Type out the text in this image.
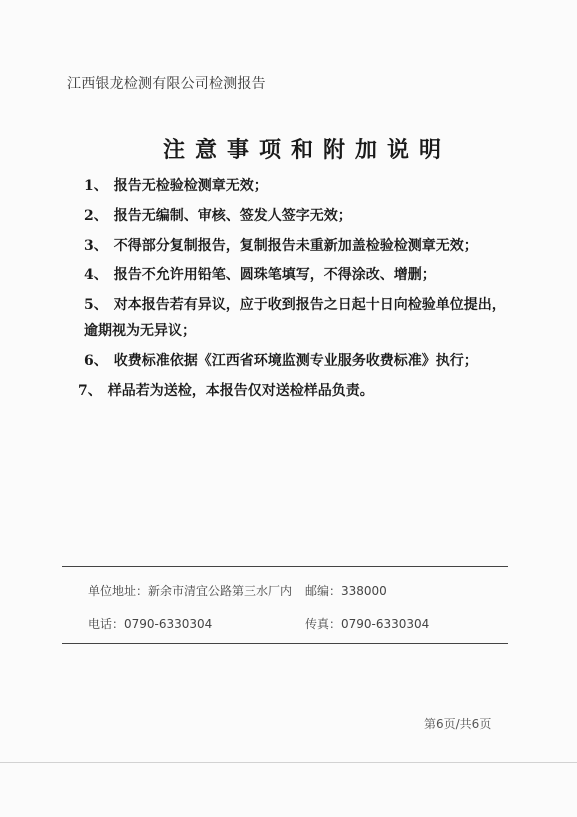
江西银龙检测有限公司检测报告
注意事项和附加说明
1、 报告无检验检测章无效；
2、 报告无编制、审核、签发人签字无效；
3、 不得部分复制报告，复制报告未重新加盖检验检测章无效；
4、 报告不允许用铅笔、圆珠笔填写，不得涂改、增删；
5、 对本报告若有异议，应于收到报告之日起十日向检验单位提出，
逾期视为无异议；
6、 收费标准依据《江西省环境监测专业服务收费标准》执行；
7、 样品若为送检，本报告仅对送检样品负责。
单位地址：新余市清宜公路第三水厂内 邮编：338000
电话：0790-6330304	传真：0790-6330304
第6页/共6页
